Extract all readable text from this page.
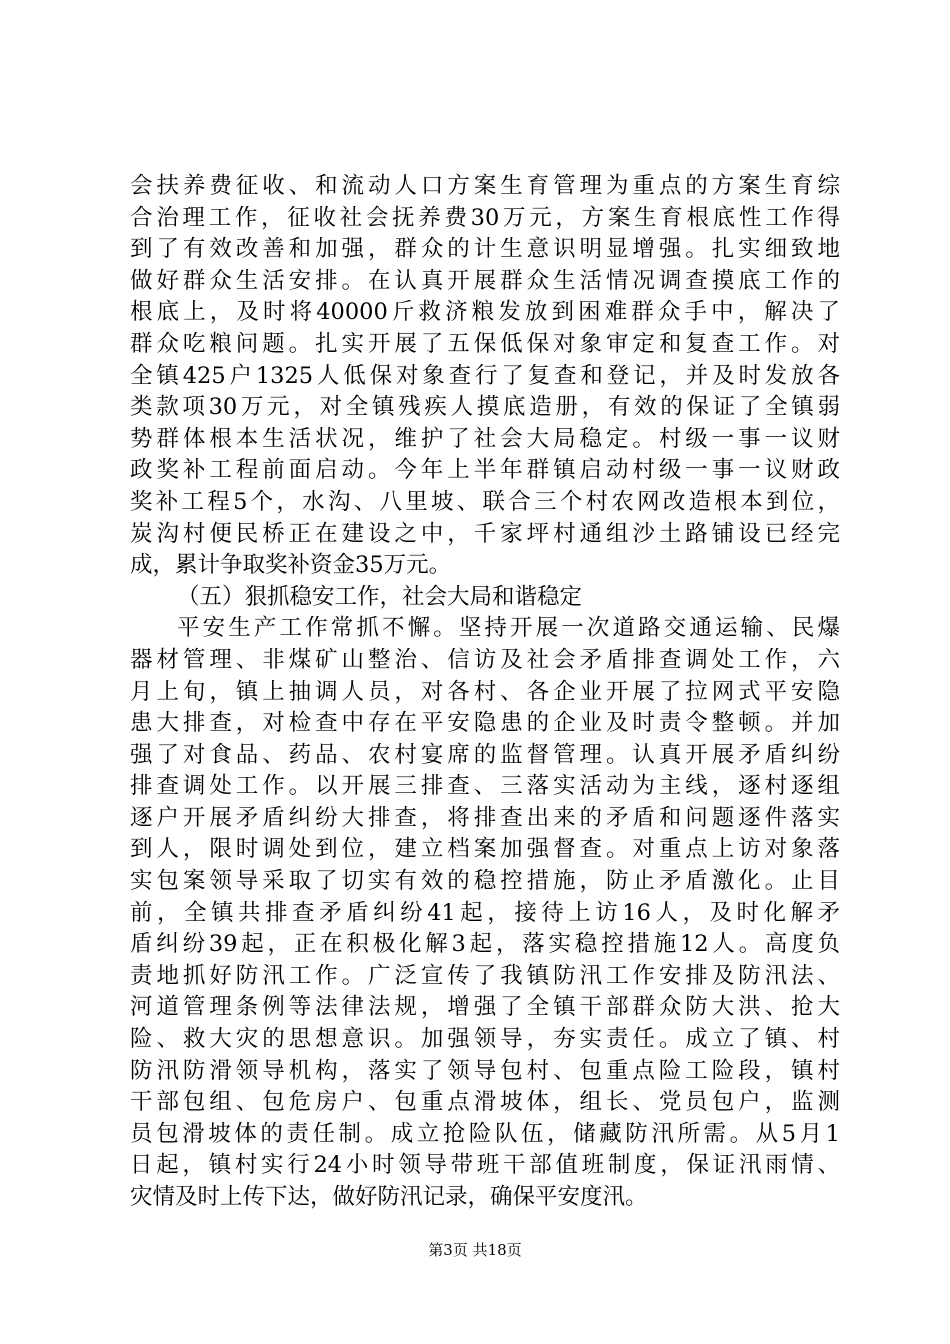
会扶养费征收、和流动人口方案生育管理为重点的方案生育综
合治理工作，征收社会抚养费30万元，方案生育根底性工作得
到了有效改善和加强，群众的计生意识明显增强。扎实细致地
做好群众生活安排。在认真开展群众生活情况调查摸底工作的
根底上，及时将40000斤救济粮发放到困难群众手中，解决了
群众吃粮问题。扎实开展了五保低保对象审定和复查工作。对
全镇425户1325人低保对象查行了复查和登记，并及时发放各
类款项30万元，对全镇残疾人摸底造册，有效的保证了全镇弱
势群体根本生活状况，维护了社会大局稳定。村级一事一议财
政奖补工程前面启动。今年上半年群镇启动村级一事一议财政
奖补工程5个，水沟、八里坡、联合三个村农网改造根本到位，
炭沟村便民桥正在建设之中，千家坪村通组沙土路铺设已经完
成，累计争取奖补资金35万元。
（五）狠抓稳安工作，社会大局和谐稳定
平安生产工作常抓不懈。坚持开展一次道路交通运输、民爆
器材管理、非煤矿山整治、信访及社会矛盾排查调处工作，六
月上旬，镇上抽调人员，对各村、各企业开展了拉网式平安隐
患大排查，对检查中存在平安隐患的企业及时责令整顿。并加
强了对食品、药品、农村宴席的监督管理。认真开展矛盾纠纷
排查调处工作。以开展三排查、三落实活动为主线，逐村逐组
逐户开展矛盾纠纷大排查，将排查出来的矛盾和问题逐件落实
到人，限时调处到位，建立档案加强督查。对重点上访对象落
实包案领导采取了切实有效的稳控措施，防止矛盾激化。止目
前，全镇共排查矛盾纠纷41起，接待上访16人，及时化解矛
盾纠纷39起，正在积极化解3起，落实稳控措施12人。高度负
责地抓好防汛工作。广泛宣传了我镇防汛工作安排及防汛法、
河道管理条例等法律法规，增强了全镇干部群众防大洪、抢大
险、救大灾的思想意识。加强领导，夯实责任。成立了镇、村
防汛防滑领导机构，落实了领导包村、包重点险工险段，镇村
干部包组、包危房户、包重点滑坡体，组长、党员包户，监测
员包滑坡体的责任制。成立抢险队伍，储藏防汛所需。从5月1
日起，镇村实行24小时领导带班干部值班制度，保证汛雨情、
灾情及时上传下达，做好防汛记录，确保平安度汛。
第3页 共18页
